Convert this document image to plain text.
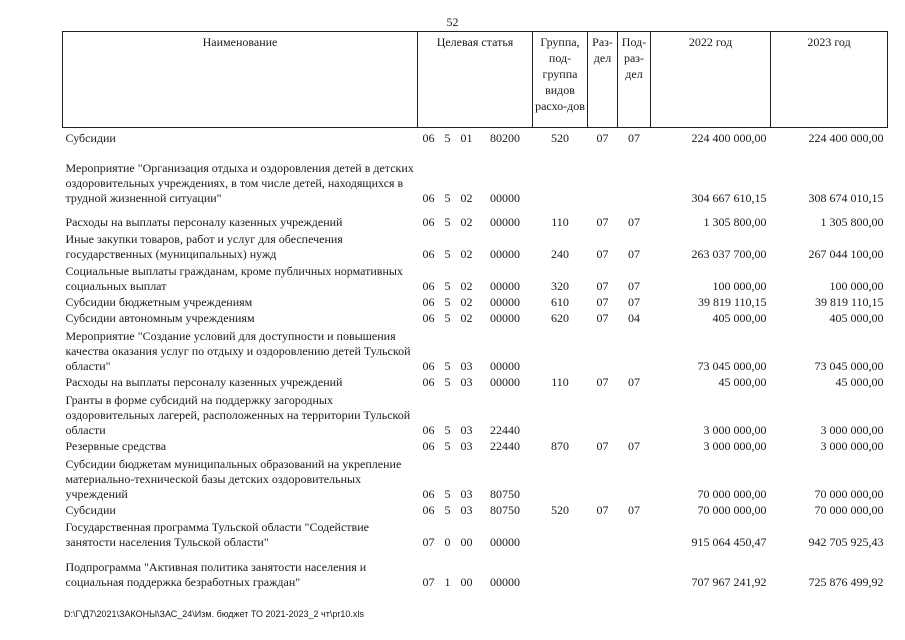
52
Наименование	Целевая статья				Группа, под-группа видов расхо-дов	Раз-дел	Под-раз-дел	2022 год	2023 год
Субсидии	06	5	01	80200	520	07	07	224 400 000,00	224 400 000,00
Мероприятие "Организация отдыха и оздоровления детей в детских оздоровительных учреждениях, в том числе детей, находящихся в трудной жизненной ситуации"	06	5	02	00000				304 667 610,15	308 674 010,15
Расходы на выплаты персоналу казенных учреждений	06	5	02	00000	110	07	07	1 305 800,00	1 305 800,00
Иные закупки товаров, работ и услуг для обеспечения государственных (муниципальных) нужд	06	5	02	00000	240	07	07	263 037 700,00	267 044 100,00
Социальные выплаты гражданам, кроме публичных нормативных социальных выплат	06	5	02	00000	320	07	07	100 000,00	100 000,00
Субсидии бюджетным учреждениям	06	5	02	00000	610	07	07	39 819 110,15	39 819 110,15
Субсидии автономным учреждениям	06	5	02	00000	620	07	04	405 000,00	405 000,00
Мероприятие "Создание условий для доступности и повышения качества оказания услуг по отдыху и оздоровлению детей Тульской области"	06	5	03	00000				73 045 000,00	73 045 000,00
Расходы на выплаты персоналу казенных учреждений	06	5	03	00000	110	07	07	45 000,00	45 000,00
Гранты в форме субсидий на поддержку загородных оздоровительных лагерей, расположенных на территории Тульской области	06	5	03	22440				3 000 000,00	3 000 000,00
Резервные средства	06	5	03	22440	870	07	07	3 000 000,00	3 000 000,00
Субсидии бюджетам муниципальных образований на укрепление материально-технической базы детских оздоровительных учреждений	06	5	03	80750				70 000 000,00	70 000 000,00
Субсидии	06	5	03	80750	520	07	07	70 000 000,00	70 000 000,00
Государственная программа Тульской области "Содействие занятости населения Тульской области"	07	0	00	00000				915 064 450,47	942 705 925,43
Подпрограмма "Активная политика занятости населения и социальная поддержка безработных граждан"	07	1	00	00000				707 967 241,92	725 876 499,92
D:\Г\Д7\2021\ЗАКОНЫ\ЗАС_24\Изм. бюджет ТО 2021-2023_2 чт\pr10.xls
